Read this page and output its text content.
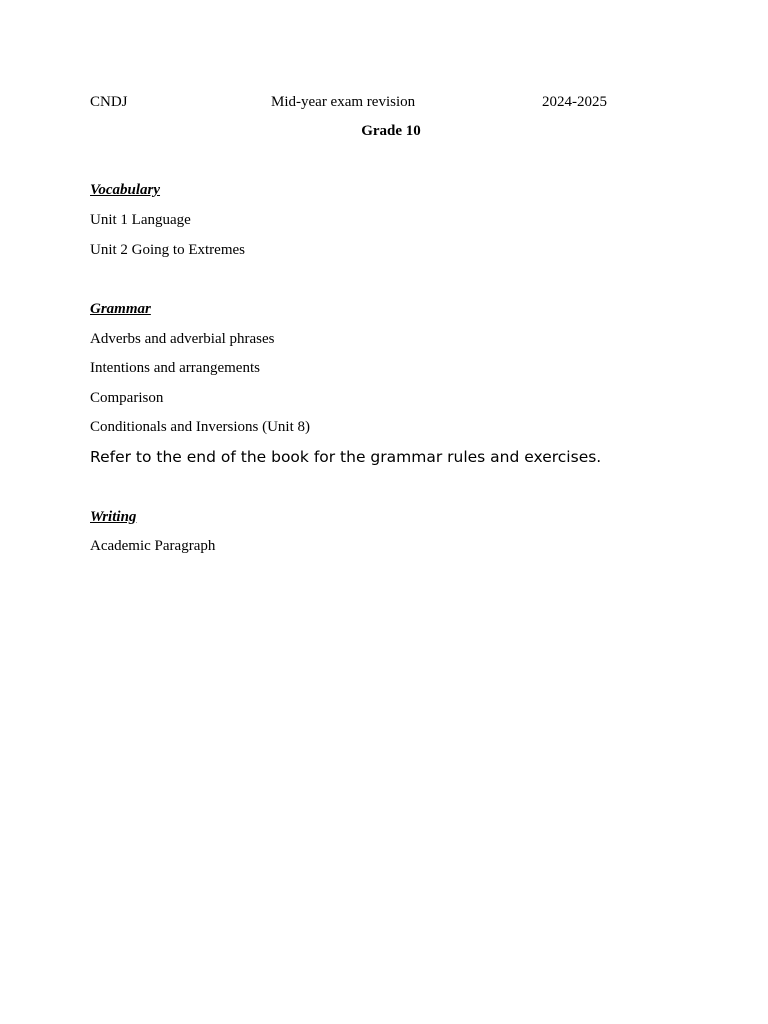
CNDJ	Mid-year exam revision	2024-2025
Grade 10
Vocabulary
Unit 1 Language
Unit 2 Going to Extremes
Grammar
Adverbs and adverbial phrases
Intentions and arrangements
Comparison
Conditionals and Inversions (Unit 8)
Refer to the end of the book for the grammar rules and exercises.
Writing
Academic Paragraph
